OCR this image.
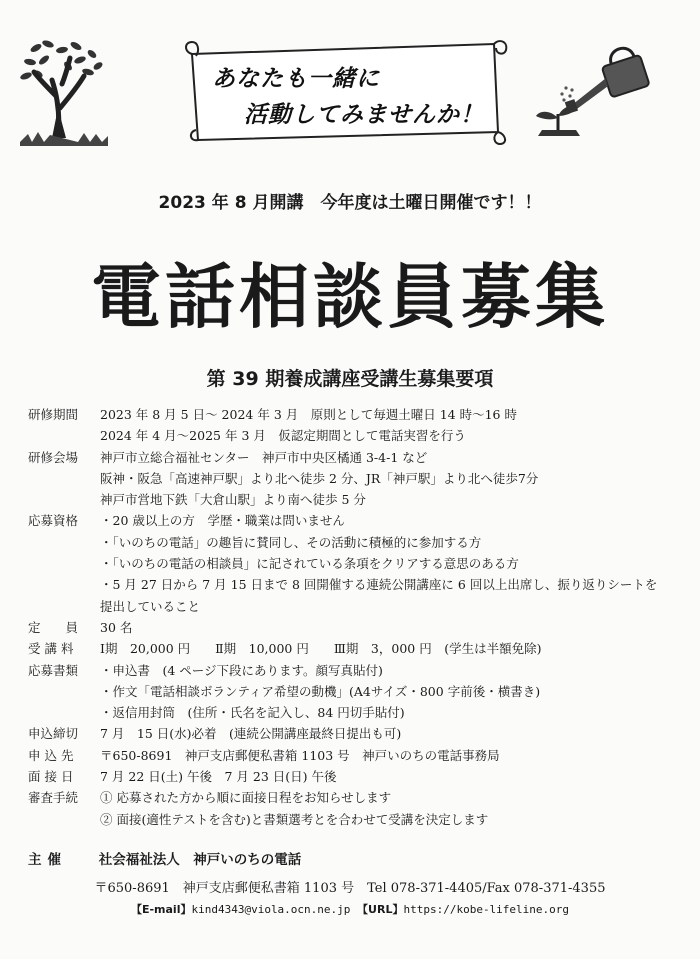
あなたも一緒に
活動してみませんか！
2023 年 8 月開講　今年度は土曜日開催です！！
電話相談員募集
第 39 期養成講座受講生募集要項
研修期間	2023 年 8 月 5 日～ 2024 年 3 月　原則として毎週土曜日 14 時～16 時
2024 年 4 月～2025 年 3 月　仮認定期間として電話実習を行う
研修会場	神戸市立総合福祉センター　神戸市中央区橘通 3-4-1 など
阪神・阪急「高速神戸駅」より北へ徒歩 2 分、JR「神戸駅」より北へ徒歩7分
神戸市営地下鉄「大倉山駅」より南へ徒歩 5 分
応募資格	・20 歳以上の方　学歴・職業は問いません
・「いのちの電話」の趣旨に賛同し、その活動に積極的に参加する方
・「いのちの電話の相談員」に記されている条項をクリアする意思のある方
・5 月 27 日から 7 月 15 日まで 8 回開催する連続公開講座に 6 回以上出席し、振り返りシートを
提出していること
定　　員	30 名
受 講 料	Ⅰ期　20,000 円　　Ⅱ期　10,000 円　　Ⅲ期　3，000 円　(学生は半額免除)
応募書類	・申込書　(4 ページ下段にあります。顔写真貼付)
・作文「電話相談ボランティア希望の動機」(A4サイズ・800 字前後・横書き)
・返信用封筒　(住所・氏名を記入し、84 円切手貼付)
申込締切	7 月　15 日(水)必着　(連続公開講座最終日提出も可)
申 込 先	〒650-8691　神戸支店郵便私書箱 1103 号　神戸いのちの電話事務局
面 接 日	7 月 22 日(土) 午後　7 月 23 日(日) 午後
審査手続	① 応募された方から順に面接日程をお知らせします
② 面接(適性テストを含む)と書類選考とを合わせて受講を決定します
主催 社会福祉法人　神戸いのちの電話
〒650-8691　神戸支店郵便私書箱 1103 号　Tel 078-371-4405/Fax 078-371-4355
【E-mail】kind4343@viola.ocn.ne.jp 【URL】https://kobe-lifeline.org
